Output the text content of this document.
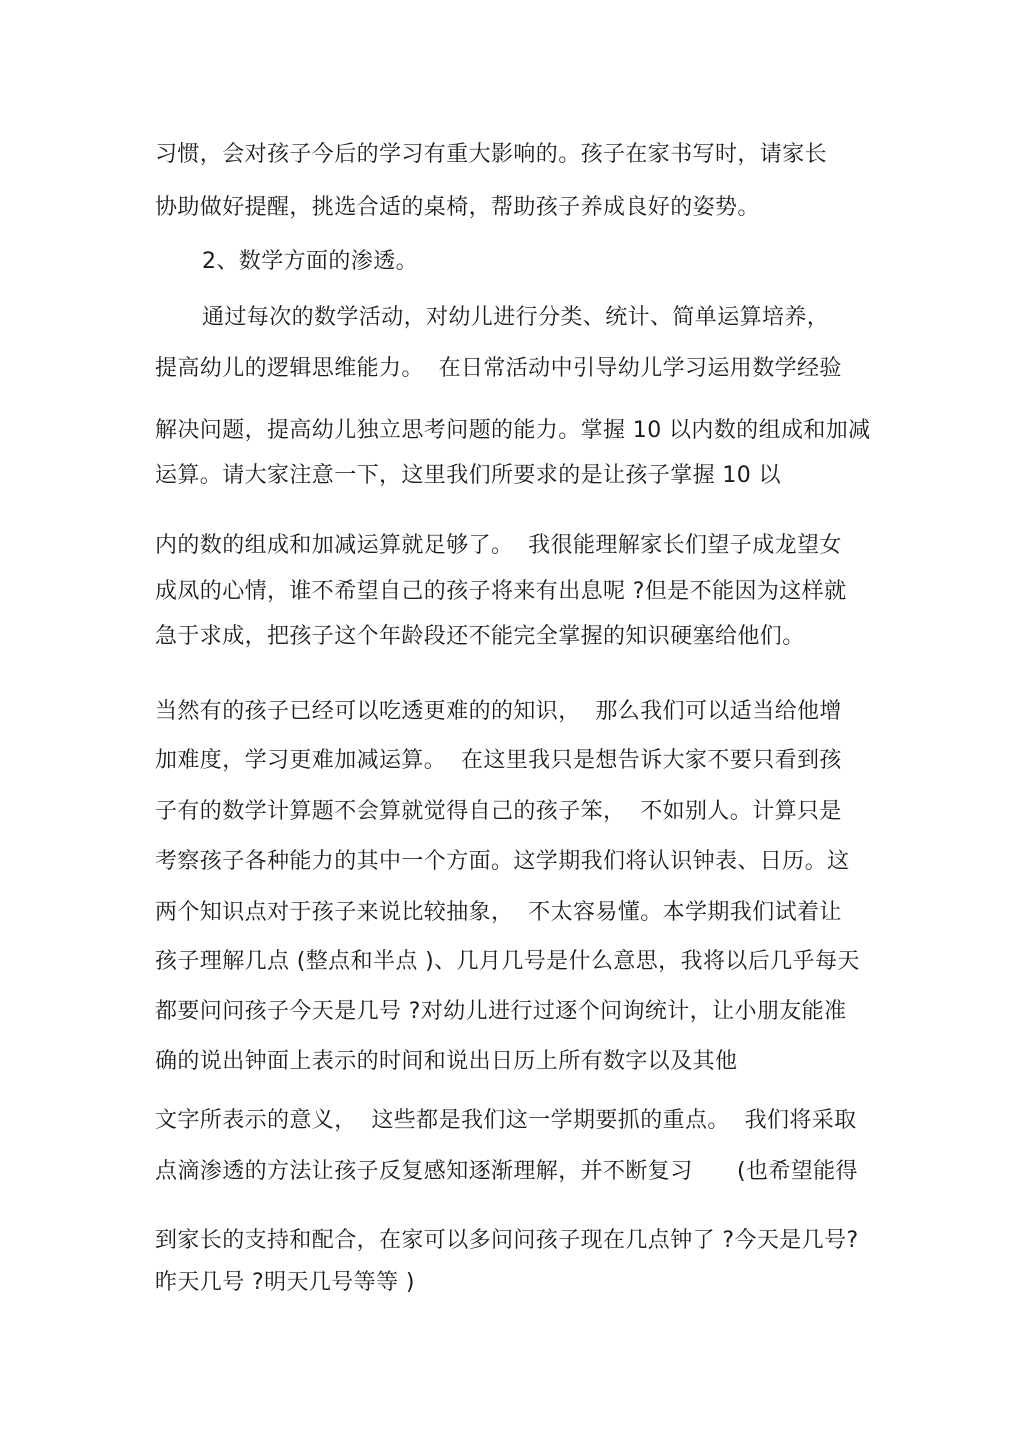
习惯，会对孩子今后的学习有重大影响的。孩子在家书写时，请家长

协助做好提醒，挑选合适的桌椅，帮助孩子养成良好的姿势。

2、数学方面的渗透。

通过每次的数学活动，对幼儿进行分类、统计、简单运算培养，

提高幼儿的逻辑思维能力。  在日常活动中引导幼儿学习运用数学经验

解决问题，提高幼儿独立思考问题的能力。掌握 10 以内数的组成和加减

运算。请大家注意一下，这里我们所要求的是让孩子掌握 10 以

内的数的组成和加减运算就足够了。  我很能理解家长们望子成龙望女

成凤的心情，谁不希望自己的孩子将来有出息呢 ?但是不能因为这样就

急于求成，把孩子这个年龄段还不能完全掌握的知识硬塞给他们。

当然有的孩子已经可以吃透更难的的知识，  那么我们可以适当给他增

加难度，学习更难加减运算。  在这里我只是想告诉大家不要只看到孩

子有的数学计算题不会算就觉得自己的孩子笨，  不如别人。计算只是

考察孩子各种能力的其中一个方面。这学期我们将认识钟表、日历。这

两个知识点对于孩子来说比较抽象，  不太容易懂。本学期我们试着让

孩子理解几点 (整点和半点 )、几月几号是什么意思，我将以后几乎每天

都要问问孩子今天是几号 ?对幼儿进行过逐个问询统计，让小朋友能准

确的说出钟面上表示的时间和说出日历上所有数字以及其他

文字所表示的意义，  这些都是我们这一学期要抓的重点。  我们将采取

点滴渗透的方法让孩子反复感知逐渐理解，并不断复习      (也希望能得

到家长的支持和配合，在家可以多问问孩子现在几点钟了 ?今天是几号?

昨天几号 ?明天几号等等 )
